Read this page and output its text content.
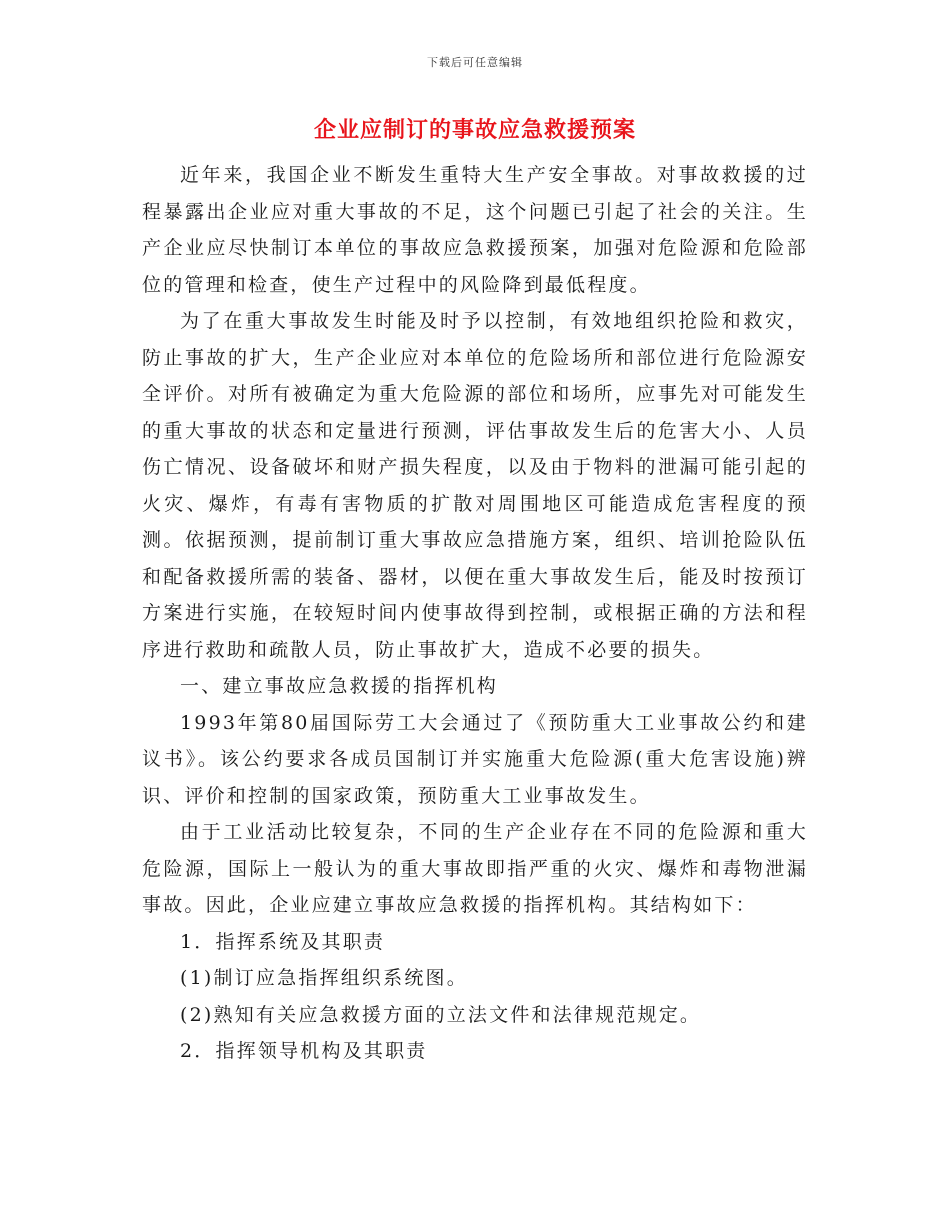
下载后可任意编辑
企业应制订的事故应急救援预案

近年来，我国企业不断发生重特大生产安全事故。对事故救援的过程暴露出企业应对重大事故的不足，这个问题已引起了社会的关注。生产企业应尽快制订本单位的事故应急救援预案，加强对危险源和危险部位的管理和检查，使生产过程中的风险降到最低程度。

为了在重大事故发生时能及时予以控制，有效地组织抢险和救灾，防止事故的扩大，生产企业应对本单位的危险场所和部位进行危险源安全评价。对所有被确定为重大危险源的部位和场所，应事先对可能发生的重大事故的状态和定量进行预测，评估事故发生后的危害大小、人员伤亡情况、设备破坏和财产损失程度，以及由于物料的泄漏可能引起的火灾、爆炸，有毒有害物质的扩散对周围地区可能造成危害程度的预测。依据预测，提前制订重大事故应急措施方案，组织、培训抢险队伍和配备救援所需的装备、器材，以便在重大事故发生后，能及时按预订方案进行实施，在较短时间内使事故得到控制，或根据正确的方法和程序进行救助和疏散人员，防止事故扩大，造成不必要的损失。

一、建立事故应急救援的指挥机构

1993年第80届国际劳工大会通过了《预防重大工业事故公约和建议书》。该公约要求各成员国制订并实施重大危险源(重大危害设施)辨识、评价和控制的国家政策，预防重大工业事故发生。

由于工业活动比较复杂，不同的生产企业存在不同的危险源和重大危险源，国际上一般认为的重大事故即指严重的火灾、爆炸和毒物泄漏事故。因此，企业应建立事故应急救援的指挥机构。其结构如下：

1．指挥系统及其职责

(1)制订应急指挥组织系统图。

(2)熟知有关应急救援方面的立法文件和法律规范规定。

2．指挥领导机构及其职责
